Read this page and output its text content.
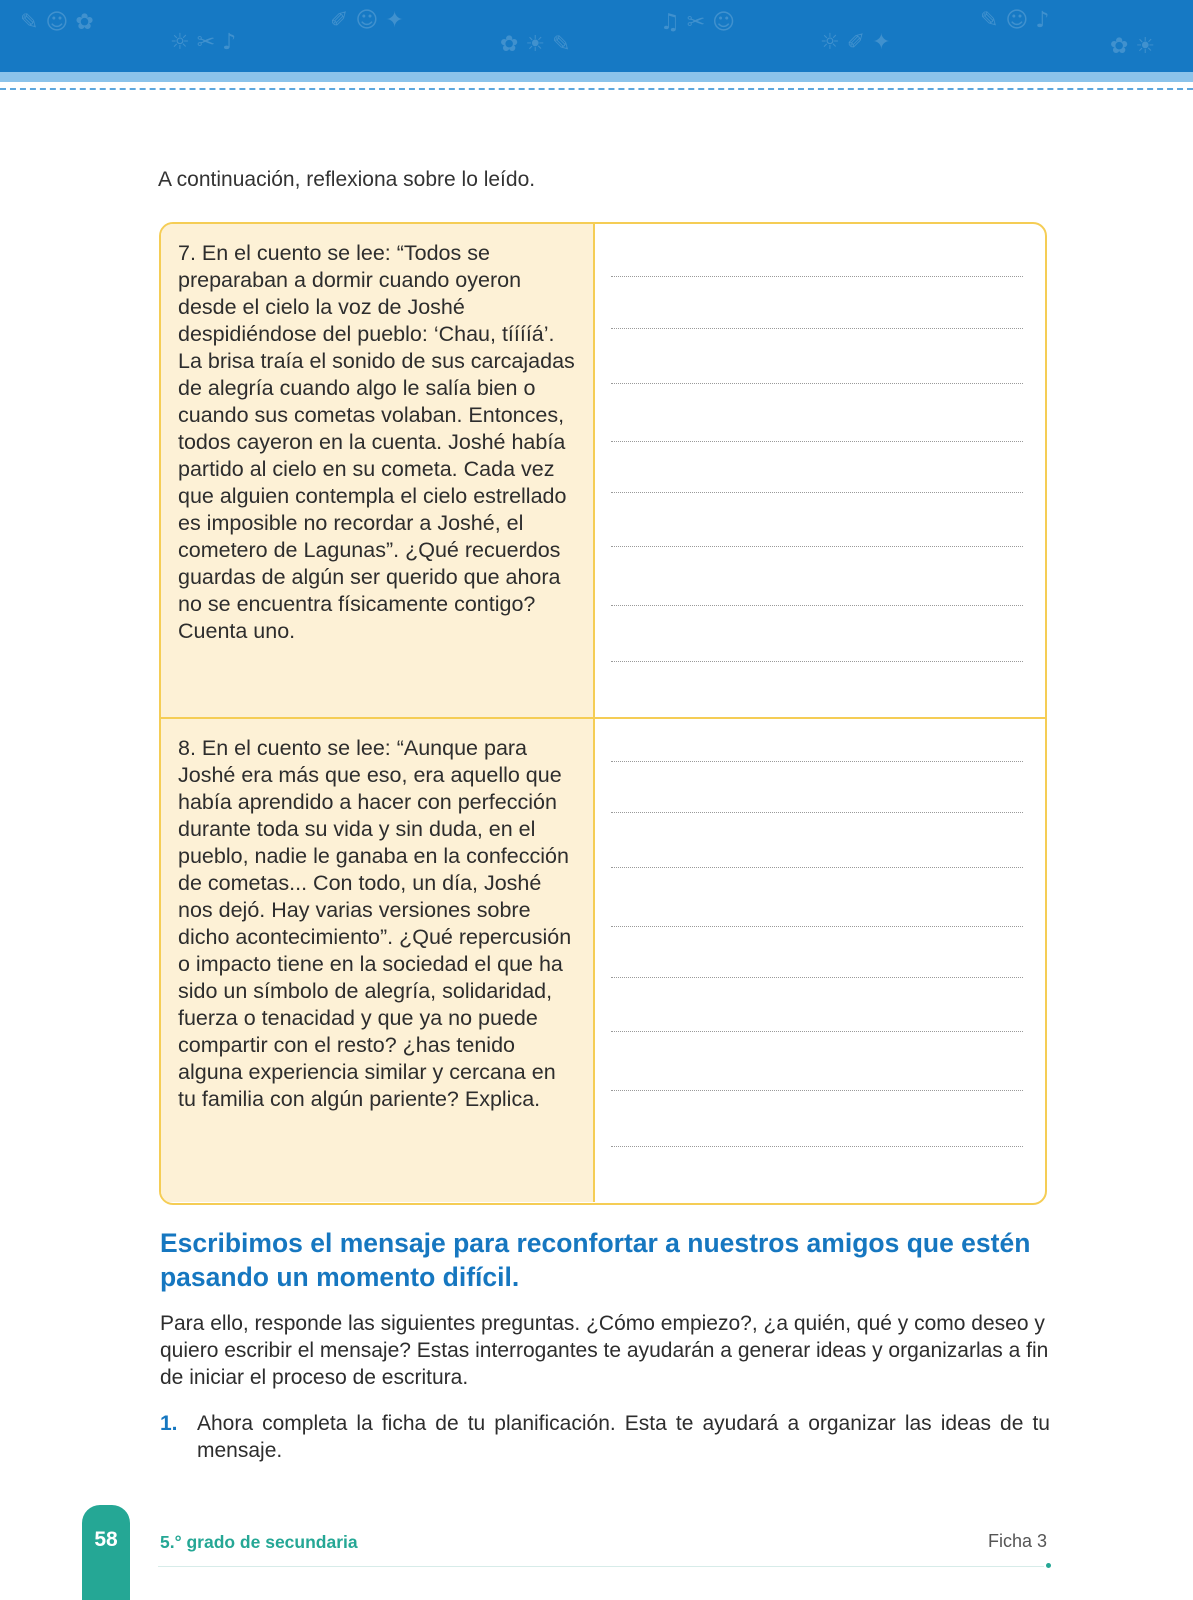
✎ ☺ ✿
☼ ✂ ♪
✐ ☺ ✦
✿ ☀ ✎
♫ ✂ ☺
☼ ✐ ✦
✎ ☺ ♪
✿ ☀
A continuación, reflexiona sobre lo leído.
7. En el cuento se lee: “Todos se preparaban a dormir cuando oyeron desde el cielo la voz de Joshé despidiéndose del pueblo: ‘Chau, tííííá’. La brisa traía el sonido de sus carcajadas de alegría cuando algo le salía bien o cuando sus cometas volaban. Entonces, todos cayeron en la cuenta. Joshé había partido al cielo en su cometa. Cada vez que alguien contempla el cielo estrellado es imposible no recordar a Joshé, el cometero de Lagunas”. ¿Qué recuerdos guardas de algún ser querido que ahora no se encuentra físicamente contigo? Cuenta uno.
8. En el cuento se lee: “Aunque para Joshé era más que eso, era aquello que había aprendido a hacer con perfección durante toda su vida y sin duda, en el pueblo, nadie le ganaba en la confección de cometas... Con todo, un día, Joshé nos dejó. Hay varias versiones sobre dicho acontecimiento”. ¿Qué repercusión o impacto tiene en la sociedad el que ha sido un símbolo de alegría, solidaridad, fuerza o tenacidad y que ya no puede compartir con el resto? ¿has tenido alguna experiencia similar y cercana en tu familia con algún pariente? Explica.
Escribimos el mensaje para reconfortar a nuestros amigos que estén pasando un momento difícil.
Para ello, responde las siguientes preguntas. ¿Cómo empiezo?, ¿a quién, qué y como deseo y quiero escribir el mensaje? Estas interrogantes te ayudarán a generar ideas y organizarlas a fin de iniciar el proceso de escritura.
1. Ahora completa la ficha de tu planificación. Esta te ayudará a organizar las ideas de tu mensaje.
58	5.° grado de secundaria	Ficha 3
